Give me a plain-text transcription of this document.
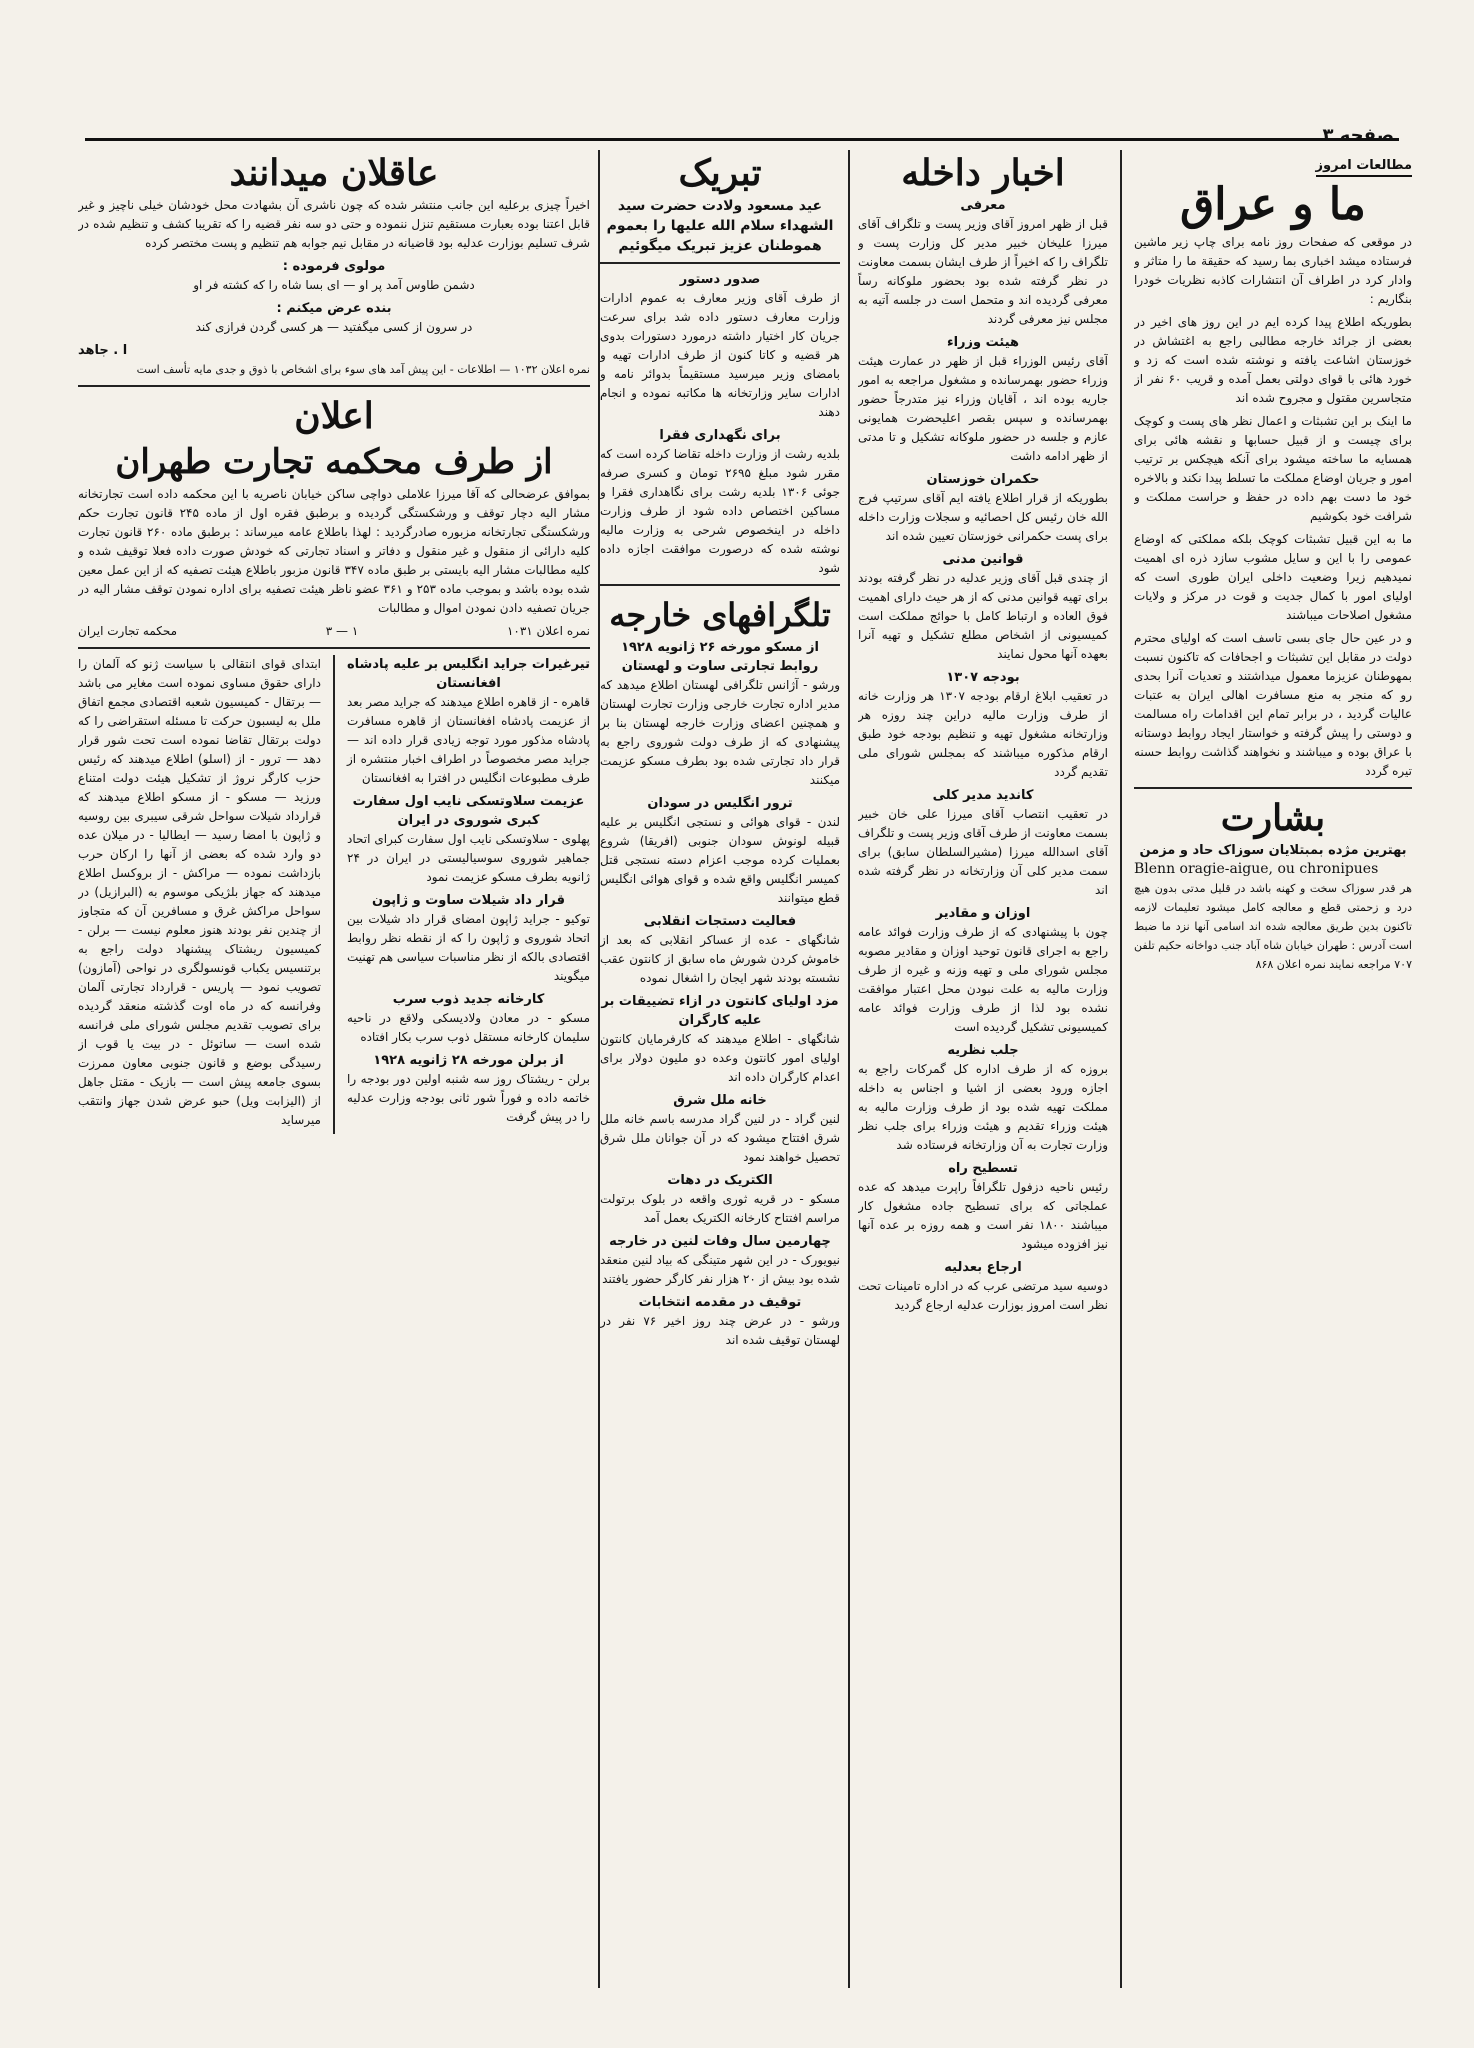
صفحه ۳
مطالعات امروز
ما و عراق

در موقعی که صفحات روز نامه برای چاپ زیر ماشین فرستاده میشد اخباری بما رسید که حقیقة ما را متاثر و وادار کرد در اطراف آن انتشارات کاذبه نظریات خودرا بنگاریم :

بطوریکه اطلاع پیدا کرده ایم در این روز های اخیر در بعضی از جرائد خارجه مطالبی راجع به اغتشاش در خوزستان اشاعت یافته و نوشته شده است که زد و خورد هائی با قوای دولتی بعمل آمده و قریب ۶۰ نفر از متجاسرین مقتول و مجروح شده اند

ما اینک بر این تشبثات و اعمال نظر های پست و کوچک برای چیست و از قبیل حسابها و نقشه هائی برای همسایه ما ساخته میشود برای آنکه هیچکس بر ترتیب امور و جریان اوضاع مملکت ما تسلط پیدا نکند و بالاخره خود ما دست بهم داده در حفظ و حراست مملکت و شرافت خود بکوشیم

ما به این قبیل تشبثات کوچک بلکه مملکتی که اوضاع عمومی را با این و سایل مشوب سازد ذره ای اهمیت نمیدهیم زیرا وضعیت داخلی ایران طوری است که اولیای امور با کمال جدیت و قوت در مرکز و ولایات مشغول اصلاحات میباشند

و در عین حال جای بسی تاسف است که اولیای محترم دولت در مقابل این تشبثات و اجحافات که تاکنون نسبت بمهوطنان عزیزما معمول میداشتند و تعدیات آنرا بحدی رو که منجر به منع مسافرت اهالی ایران به عتبات عالیات گردید ، در برابر تمام این اقدامات راه مسالمت و دوستی را پیش گرفته و خواستار ایجاد روابط دوستانه با عراق بوده و میباشند و نخواهند گذاشت روابط حسنه تیره گردد

بشارت
بهترین مژده بمبتلایان سوزاک حاد و مزمن
Blenn oragie-aigue, ou chronipues

هر قدر سوزاک سخت و کهنه باشد در قلیل مدتی بدون هیچ درد و زحمتی قطع و معالجه کامل میشود تعلیمات لازمه تاکنون بدین طریق معالجه شده اند اسامی آنها نزد ما ضبط است آدرس : طهران خیابان شاه آباد جنب دواخانه حکیم تلفن ۷۰۷ مراجعه نمایند نمره اعلان ۸۶۸

اخبار داخله
معرفی

قبل از ظهر امروز آقای وزیر پست و تلگراف آقای میرزا علیخان خبیر مدیر کل وزارت پست و تلگراف را که اخیراً از طرف ایشان بسمت معاونت در نظر گرفته شده بود بحضور ملوکانه رساً معرفی گردیده اند و متحمل است در جلسه آتیه به مجلس نیز معرفی گردند

هیئت وزراء

آقای رئیس الوزراء قبل از ظهر در عمارت هیئت وزراء حضور بهمرسانده و مشغول مراجعه به امور جاریه بوده اند ، آقایان وزراء نیز متدرجاً حضور بهمرسانده و سپس بقصر اعلیحضرت همایونی عازم و جلسه در حضور ملوکانه تشکیل و تا مدتی از ظهر ادامه داشت

حکمران خوزستان

بطوریکه از قرار اطلاع یافته ایم آقای سرتیپ فرج الله خان رئیس کل احصائیه و سجلات وزارت داخله برای پست حکمرانی خوزستان تعیین شده اند

قوانین مدنی

از چندی قبل آقای وزیر عدلیه در نظر گرفته بودند برای تهیه قوانین مدنی که از هر حیث دارای اهمیت فوق العاده و ارتباط کامل با حوائج مملکت است کمیسیونی از اشخاص مطلع تشکیل و تهیه آنرا بعهده آنها محول نمایند

بودجه ۱۳۰۷

در تعقیب ابلاغ ارقام بودجه ۱۳۰۷ هر وزارت خانه از طرف وزارت مالیه دراین چند روزه هر وزارتخانه مشغول تهیه و تنظیم بودجه خود طبق ارقام مذکوره میباشند که بمجلس شورای ملی تقدیم گردد

کاندید مدیر کلی

در تعقیب انتصاب آقای میرزا علی خان خبیر بسمت معاونت از طرف آقای وزیر پست و تلگراف آقای اسدالله میرزا (مشیرالسلطان سابق) برای سمت مدیر کلی آن وزارتخانه در نظر گرفته شده اند

اوزان و مقادیر

چون با پیشنهادی که از طرف وزارت فوائد عامه راجع به اجرای قانون توحید اوزان و مقادیر مصوبه مجلس شورای ملی و تهیه وزنه و غیره از طرف وزارت مالیه به علت نبودن محل اعتبار موافقت نشده بود لذا از طرف وزارت فوائد عامه کمیسیونی تشکیل گردیده است

جلب نظریه

بروزه که از طرف اداره کل گمرکات راجع به اجازه ورود بعضی از اشیا و اجناس به داخله مملکت تهیه شده بود از طرف وزارت مالیه به هیئت وزراء تقدیم و هیئت وزراء برای جلب نظر وزارت تجارت به آن وزارتخانه فرستاده شد

تسطیح راه

رئیس ناحیه دزفول تلگرافاً راپرت میدهد که عده عملجاتی که برای تسطیح جاده مشغول کار میباشند ۱۸۰۰ نفر است و همه روزه بر عده آنها نیز افزوده میشود

ارجاع بعدلیه

دوسیه سید مرتضی عرب که در اداره تامینات تحت نظر است امروز بوزارت عدلیه ارجاع گردید

تبریک
عید مسعود ولادت حضرت سید الشهداء سلام الله علیها را بعموم هموطنان عزیز تبریک میگوئیم
صدور دستور

از طرف آقای وزیر معارف به عموم ادارات وزارت معارف دستور داده شد برای سرعت جریان کار اختیار داشته درمورد دستورات بدوی هر قضیه و کاتا کنون از طرف ادارات تهیه و بامضای وزیر میرسید مستقیماً بدوائر نامه و ادارات سایر وزارتخانه ها مکاتبه نموده و انجام دهند

برای نگهداری فقرا

بلدیه رشت از وزارت داخله تقاضا کرده است که مقرر شود مبلغ ۲۶۹۵ تومان و کسری صرفه جوئی ۱۳۰۶ بلدیه رشت برای نگاهداری فقرا و مساکین اختصاص داده شود از طرف وزارت داخله در اینخصوص شرحی به وزارت مالیه نوشته شده که درصورت موافقت اجازه داده شود

تلگرافهای خارجه
از مسکو مورخه ۲۶ ژانویه ۱۹۲۸ روابط تجارتی ساوت و لهستان

ورشو - آژانس تلگرافی لهستان اطلاع میدهد که مدیر اداره تجارت خارجی وزارت تجارت لهستان و همچنین اعضای وزارت خارجه لهستان بنا بر پیشنهادی که از طرف دولت شوروی راجع به قرار داد تجارتی شده بود بطرف مسکو عزیمت میکنند

ترور انگلیس در سودان

لندن - قوای هوائی و نستجی انگلیس بر علیه قبیله لونوش سودان جنوبی (افریقا) شروع بعملیات کرده موجب اعزام دسته نستجی قتل کمیسر انگلیس واقع شده و قوای هوائی انگلیس قطع میتوانند

فعالیت دستجات انقلابی

شانگهای - عده از عساکر انقلابی که بعد از خاموش کردن شورش ماه سابق از کانتون عقب نشسته بودند شهر ایجان را اشغال نموده

مزد اولیای کانتون در ازاء تضییقات بر علیه کارگران

شانگهای - اطلاع میدهند که کارفرمایان کانتون اولیای امور کانتون وعده دو ملیون دولار برای اعدام کارگران داده اند

خانه ملل شرق

لنین گراد - در لنین گراد مدرسه باسم خانه ملل شرق افتتاح میشود که در آن جوانان ملل شرق تحصیل خواهند نمود

الکتریک در دهات

مسکو - در قریه ثوری واقعه در بلوک برتولت مراسم افتتاح کارخانه الکتریک بعمل آمد

چهارمین سال وفات لنین در خارجه

نیویورک - در این شهر متینگی که بیاد لنین منعقد شده بود بیش از ۲۰ هزار نفر کارگر حضور یافتند

توقیف در مقدمه انتخابات

ورشو - در عرض چند روز اخیر ۷۶ نفر در لهستان توقیف شده اند

عاقلان میدانند

اخیراً چیزی برعلیه این جانب منتشر شده که چون ناشری آن بشهادت محل خودشان خیلی ناچیز و غیر قابل اعتنا بوده بعبارت مستقیم تنزل ننموده و حتی دو سه نفر قضیه را که تقریبا کشف و تنظیم شده در شرف تسلیم بوزارت عدلیه بود قاضیانه در مقابل نیم جوابه هم تنظیم و پست مختصر کرده

مولوی فرموده :

دشمن طاوس آمد پر او — ای بسا شاه را که کشته فر او

بنده عرض میکنم :

در سرون از کسی میگفتید — هر کسی گردن فرازی کند

ا . جاهد

نمره اعلان ۱۰۳۲ — اطلاعات - این پیش آمد های سوء برای اشخاص با ذوق و جدی مایه تأسف است

اعلان
از طرف محکمه تجارت طهران

بموافق عرضحالی که آقا میرزا علاملی دواچی ساکن خیابان ناصریه با این محکمه داده است تجارتخانه مشار الیه دچار توقف و ورشکستگی گردیده و برطبق فقره اول از ماده ۲۴۵ قانون تجارت حکم ورشکستگی تجارتخانه مزبوره صادرگردید : لهذا باطلاع عامه میرساند : برطبق ماده ۲۶۰ قانون تجارت کلیه دارائی از منقول و غیر منقول و دفاتر و اسناد تجارتی که خودش صورت داده فعلا توقیف شده و کلیه مطالبات مشار الیه بایستی بر طبق ماده ۳۴۷ قانون مزبور باطلاع هیئت تصفیه که از این عمل معین شده بوده باشد و بموجب ماده ۲۵۳ و ۳۶۱ عضو ناظر هیئت تصفیه برای اداره نمودن توقف مشار الیه در جریان تصفیه دادن نمودن اموال و مطالبات

نمره اعلان ۱۰۳۱
۱ — ۳
محکمه تجارت ایران
تیرغیرات جراید انگلیس بر علیه پادشاه افغانستان

قاهره - از قاهره اطلاع میدهند که جراید مصر بعد از عزیمت پادشاه افغانستان از قاهره مسافرت پادشاه مذکور مورد توجه زیادی قرار داده اند — جراید مصر مخصوصاً در اطراف اخبار منتشره از طرف مطبوعات انگلیس در افترا به افغانستان

عزیمت سلاوتسکی نایب اول سفارت کبری شوروی در ایران

پهلوی - سلاوتسکی نایب اول سفارت کبرای اتحاد جماهیر شوروی سوسیالیستی در ایران در ۲۴ ژانویه بطرف مسکو عزیمت نمود

قرار داد شیلات ساوت و ژاپون

توکیو - جراید ژاپون امضای قرار داد شیلات بین اتحاد شوروی و ژاپون را که از نقطه نظر روابط اقتصادی بالکه از نظر مناسبات سیاسی هم تهنیت میگویند

کارخانه جدید ذوب سرب

مسکو - در معادن ولادیسکی ولاقع در ناحیه سلیمان کارخانه مستقل ذوب سرب بکار افتاده

از برلن مورخه ۲۸ ژانویه ۱۹۲۸

برلن - ریشتاک روز سه شنبه اولین دور بودجه را خاتمه داده و فوراً شور ثانی بودجه وزارت عدلیه را در پیش گرفت

ابتدای قوای انتقالی با سیاست ژنو که آلمان را دارای حقوق مساوی نموده است مغایر می باشد — برتقال - کمیسیون شعبه اقتصادی مجمع اتفاق ملل به لیسبون حرکت تا مسئله استقراضی را که دولت برتقال تقاضا نموده است تحت شور قرار دهد — ترور - از (اسلو) اطلاع میدهند که رئیس حزب کارگر نروژ از تشکیل هیئت دولت امتناع ورزید — مسکو - از مسکو اطلاع میدهند که قرارداد شیلات سواحل شرقی سیبری بین روسیه و ژاپون با امضا رسید — ایطالیا - در میلان عده دو وارد شده که بعضی از آنها را ارکان حرب بازداشت نموده — مراکش - از بروکسل اطلاع میدهند که جهاز بلژیکی موسوم به (البرازیل) در سواحل مراکش غرق و مسافرین آن که متجاوز از چندین نفر بودند هنوز معلوم نیست — برلن - کمیسیون ریشتاک پیشنهاد دولت راجع به برتنسیس یکباب قونسولگری در نواحی (آمازون) تصویب نمود — پاریس - قرارداد تجارتی آلمان وفرانسه که در ماه اوت گذشته منعقد گردیده برای تصویب تقدیم مجلس شورای ملی فرانسه شده است — ساتوئل - در بیت یا قوب از رسیدگی بوضع و قانون جنوبی معاون ممرزت بسوی جامعه پیش است — بازیک - مقتل جاهل از (الیزابت ویل) حبو عرض شدن جهاز وانتقب میرساید
